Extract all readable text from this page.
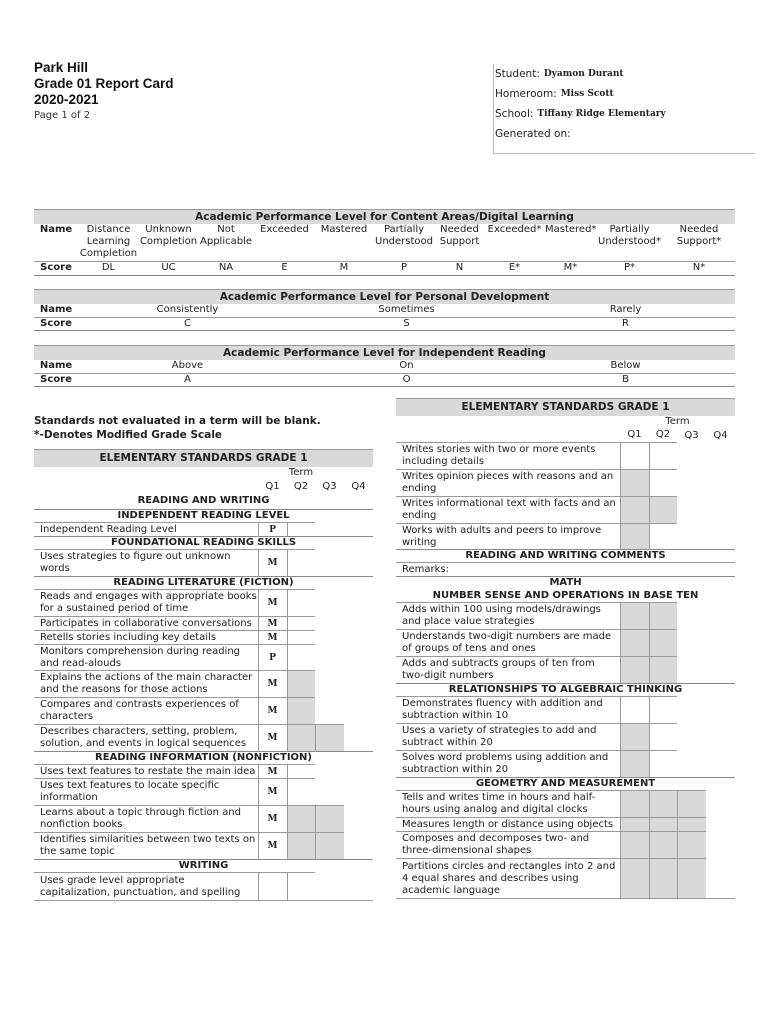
Park Hill
Grade 01 Report Card
2020-2021
Page 1 of 2
Student: Dyamon Durant
Homeroom: Miss Scott
School: Tiffany Ridge Elementary
Generated on:
Academic Performance Level for Content Areas/Digital Learning
Name	Distance Learning Completion	Unknown Completion	Not Applicable	Exceeded	Mastered	Partially Understood	Needed Support	Exceeded*	Mastered*	Partially Understood*	Needed Support*
Score	DL	UC	NA	E	M	P	N	E*	M*	P*	N*
Academic Performance Level for Personal Development
Name	Consistently	Sometimes	Rarely
Score	C	S	R
Academic Performance Level for Independent Reading
Name	Above	On	Below
Score	A	O	B
Standards not evaluated in a term will be blank.
*-Denotes Modified Grade Scale
ELEMENTARY STANDARDS GRADE 1				
	Term			
	Q1	Q2	Q3	Q4
READING AND WRITING				
INDEPENDENT READING LEVEL				
Independent Reading Level	P			
FOUNDATIONAL READING SKILLS				
Uses strategies to figure out unknown words	M			
READING LITERATURE (FICTION)				
Reads and engages with appropriate books for a sustained period of time	M			
Participates in collaborative conversations	M			
Retells stories including key details	M			
Monitors comprehension during reading and read-alouds	P			
Explains the actions of the main character and the reasons for those actions	M			
Compares and contrasts experiences of characters	M			
Describes characters, setting, problem, solution, and events in logical sequences	M			
READING INFORMATION (NONFICTION)				
Uses text features to restate the main idea	M			
Uses text features to locate specific information	M			
Learns about a topic through fiction and nonfiction books	M			
Identifies similarities between two texts on the same topic	M			
WRITING				
Uses grade level appropriate capitalization, punctuation, and spelling				
ELEMENTARY STANDARDS GRADE 1				
		Term		
	Q1	Q2	Q3	Q4
Writes stories with two or more events including details				
Writes opinion pieces with reasons and an ending				
Writes informational text with facts and an ending				
Works with adults and peers to improve writing				
READING AND WRITING COMMENTS				
Remarks:				
MATH				
NUMBER SENSE AND OPERATIONS IN BASE TEN				
Adds within 100 using models/drawings and place value strategies				
Understands two-digit numbers are made of groups of tens and ones				
Adds and subtracts groups of ten from two-digit numbers				
RELATIONSHIPS TO ALGEBRAIC THINKING				
Demonstrates fluency with addition and subtraction within 10				
Uses a variety of strategies to add and subtract within 20				
Solves word problems using addition and subtraction within 20				
GEOMETRY AND MEASUREMENT				
Tells and writes time in hours and half-hours using analog and digital clocks				
Measures length or distance using objects				
Composes and decomposes two- and three-dimensional shapes				
Partitions circles and rectangles into 2 and 4 equal shares and describes using academic language				
